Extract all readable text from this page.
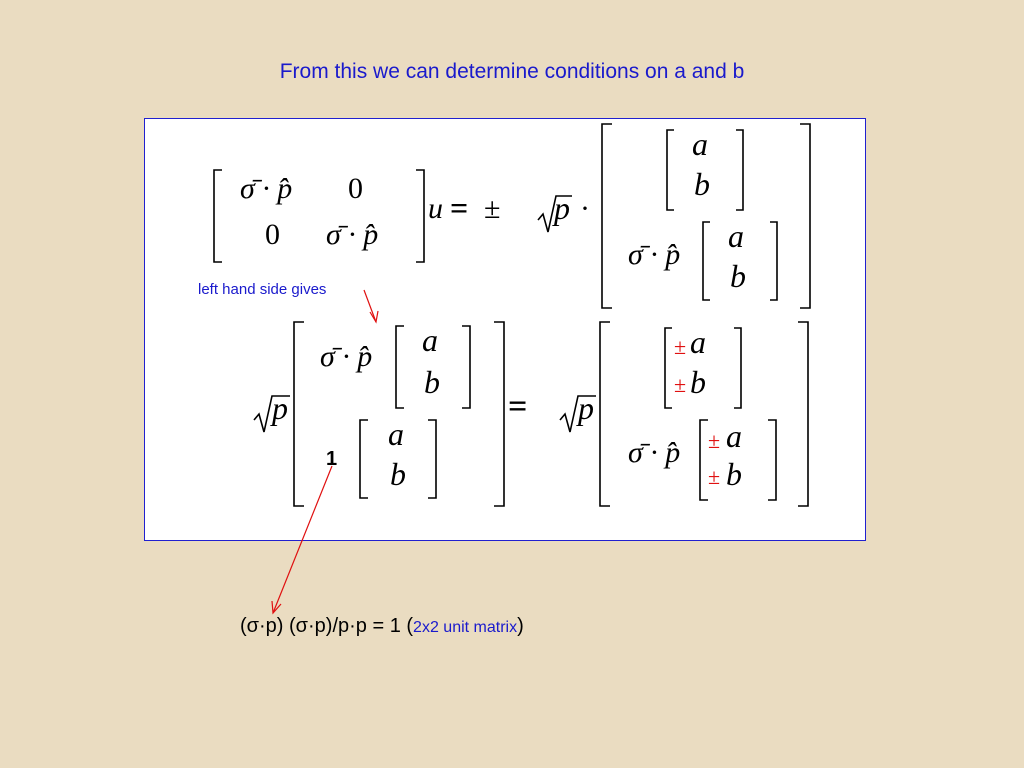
From this we can determine conditions on a and b
σ̄ · p̂ 0
0 σ̄ · p̂
u = ± p ·
a
b
σ̄ · p̂
a
b
p
σ̄ · p̂ a
b
a
b
= p
± a
± b
σ̄ · p̂ ± a
± b
left hand side gives
1
(σ·p) (σ·p)/p·p = 1 (2x2 unit matrix)
